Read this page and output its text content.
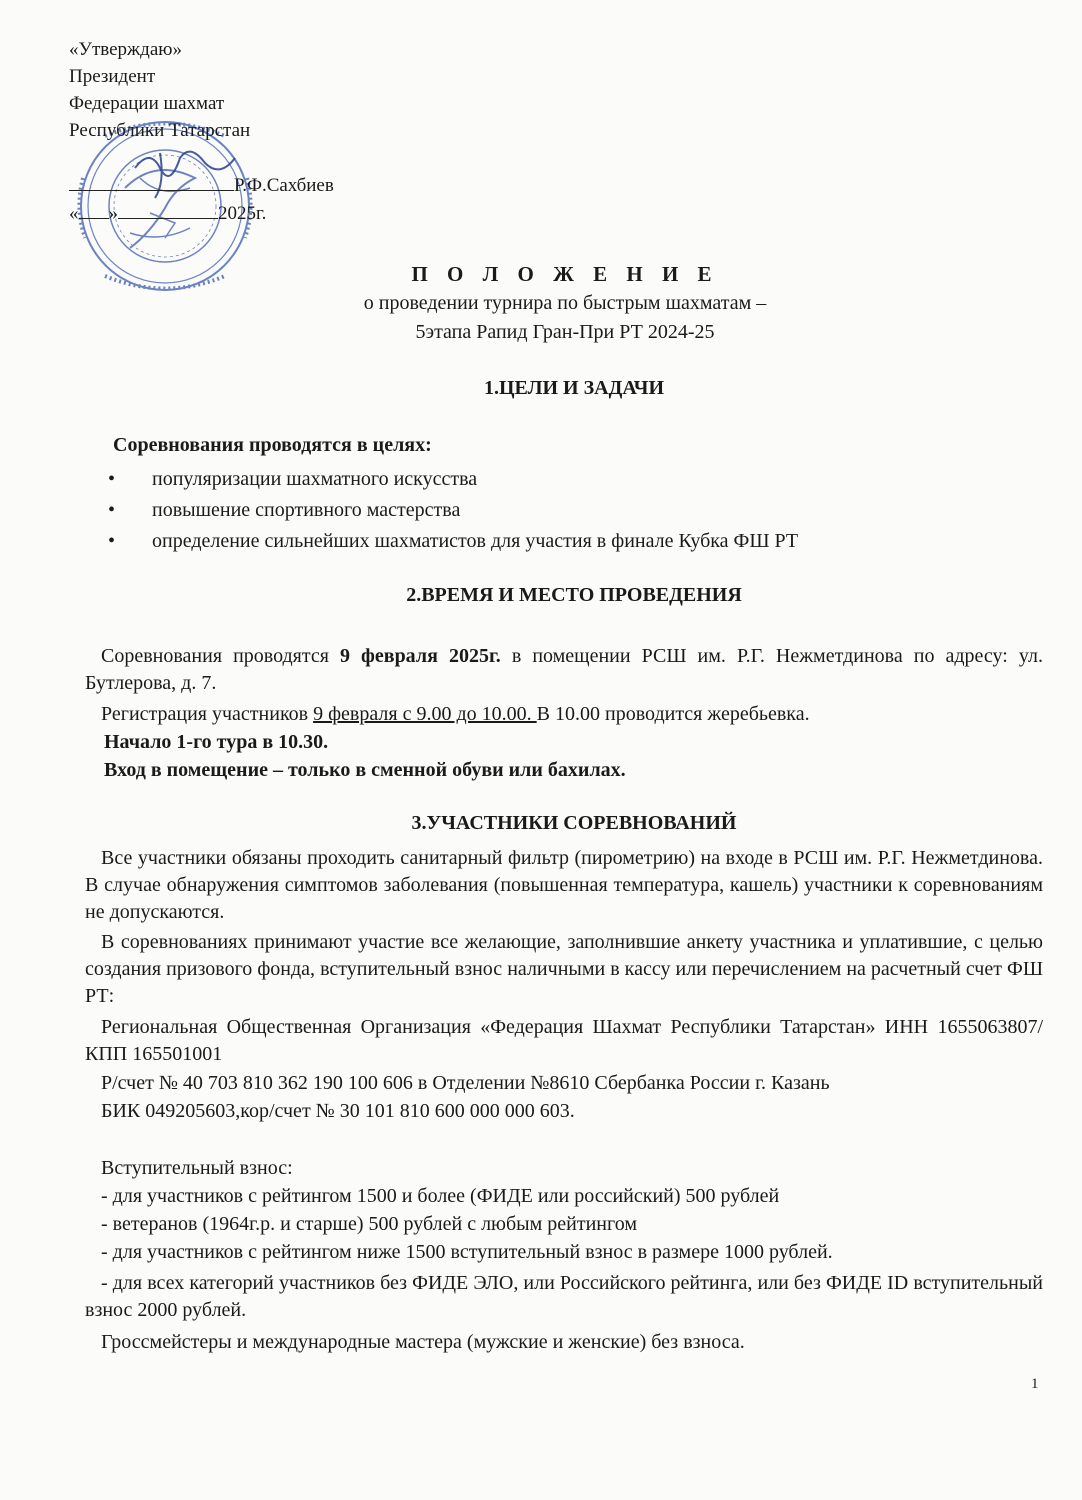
«Утверждаю»
Президент
Федерации шахмат
Республики Татарстан
Р.Ф.Сахбиев
« »	2025г.
П О Л О Ж Е Н И Е
о проведении турнира по быстрым шахматам –
5этапа Рапид Гран-При РТ 2024-25
1.ЦЕЛИ И ЗАДАЧИ
Соревнования проводятся в целях:
• популяризации шахматного искусства
• повышение спортивного мастерства
• определение сильнейших шахматистов для участия в финале Кубка ФШ РТ
2.ВРЕМЯ И МЕСТО ПРОВЕДЕНИЯ
Соревнования проводятся 9 февраля 2025г. в помещении РСШ им. Р.Г. Нежметдинова по адресу: ул. Бутлерова, д. 7.
Регистрация участников 9 февраля с 9.00 до 10.00. В 10.00 проводится жеребьевка.
Начало 1-го тура в 10.30.
Вход в помещение – только в сменной обуви или бахилах.
3.УЧАСТНИКИ СОРЕВНОВАНИЙ
Все участники обязаны проходить санитарный фильтр (пирометрию) на входе в РСШ им. Р.Г. Нежметдинова. В случае обнаружения симптомов заболевания (повышенная температура, кашель) участники к соревнованиям не допускаются.
В соревнованиях принимают участие все желающие, заполнившие анкету участника и уплатившие, с целью создания призового фонда, вступительный взнос наличными в кассу или перечислением на расчетный счет ФШ РТ:
Региональная Общественная Организация «Федерация Шахмат Республики Татарстан» ИНН 1655063807/КПП 165501001
Р/счет № 40 703 810 362 190 100 606 в Отделении №8610 Сбербанка России г. Казань
БИК 049205603,кор/счет № 30 101 810 600 000 000 603.
Вступительный взнос:
- для участников с рейтингом 1500 и более (ФИДЕ или российский) 500 рублей
- ветеранов (1964г.р. и старше) 500 рублей с любым рейтингом
- для участников с рейтингом ниже 1500 вступительный взнос в размере 1000 рублей.
- для всех категорий участников без ФИДЕ ЭЛО, или Российского рейтинга, или без ФИДЕ ID вступительный взнос 2000 рублей.
Гроссмейстеры и международные мастера (мужские и женские) без взноса.
1
